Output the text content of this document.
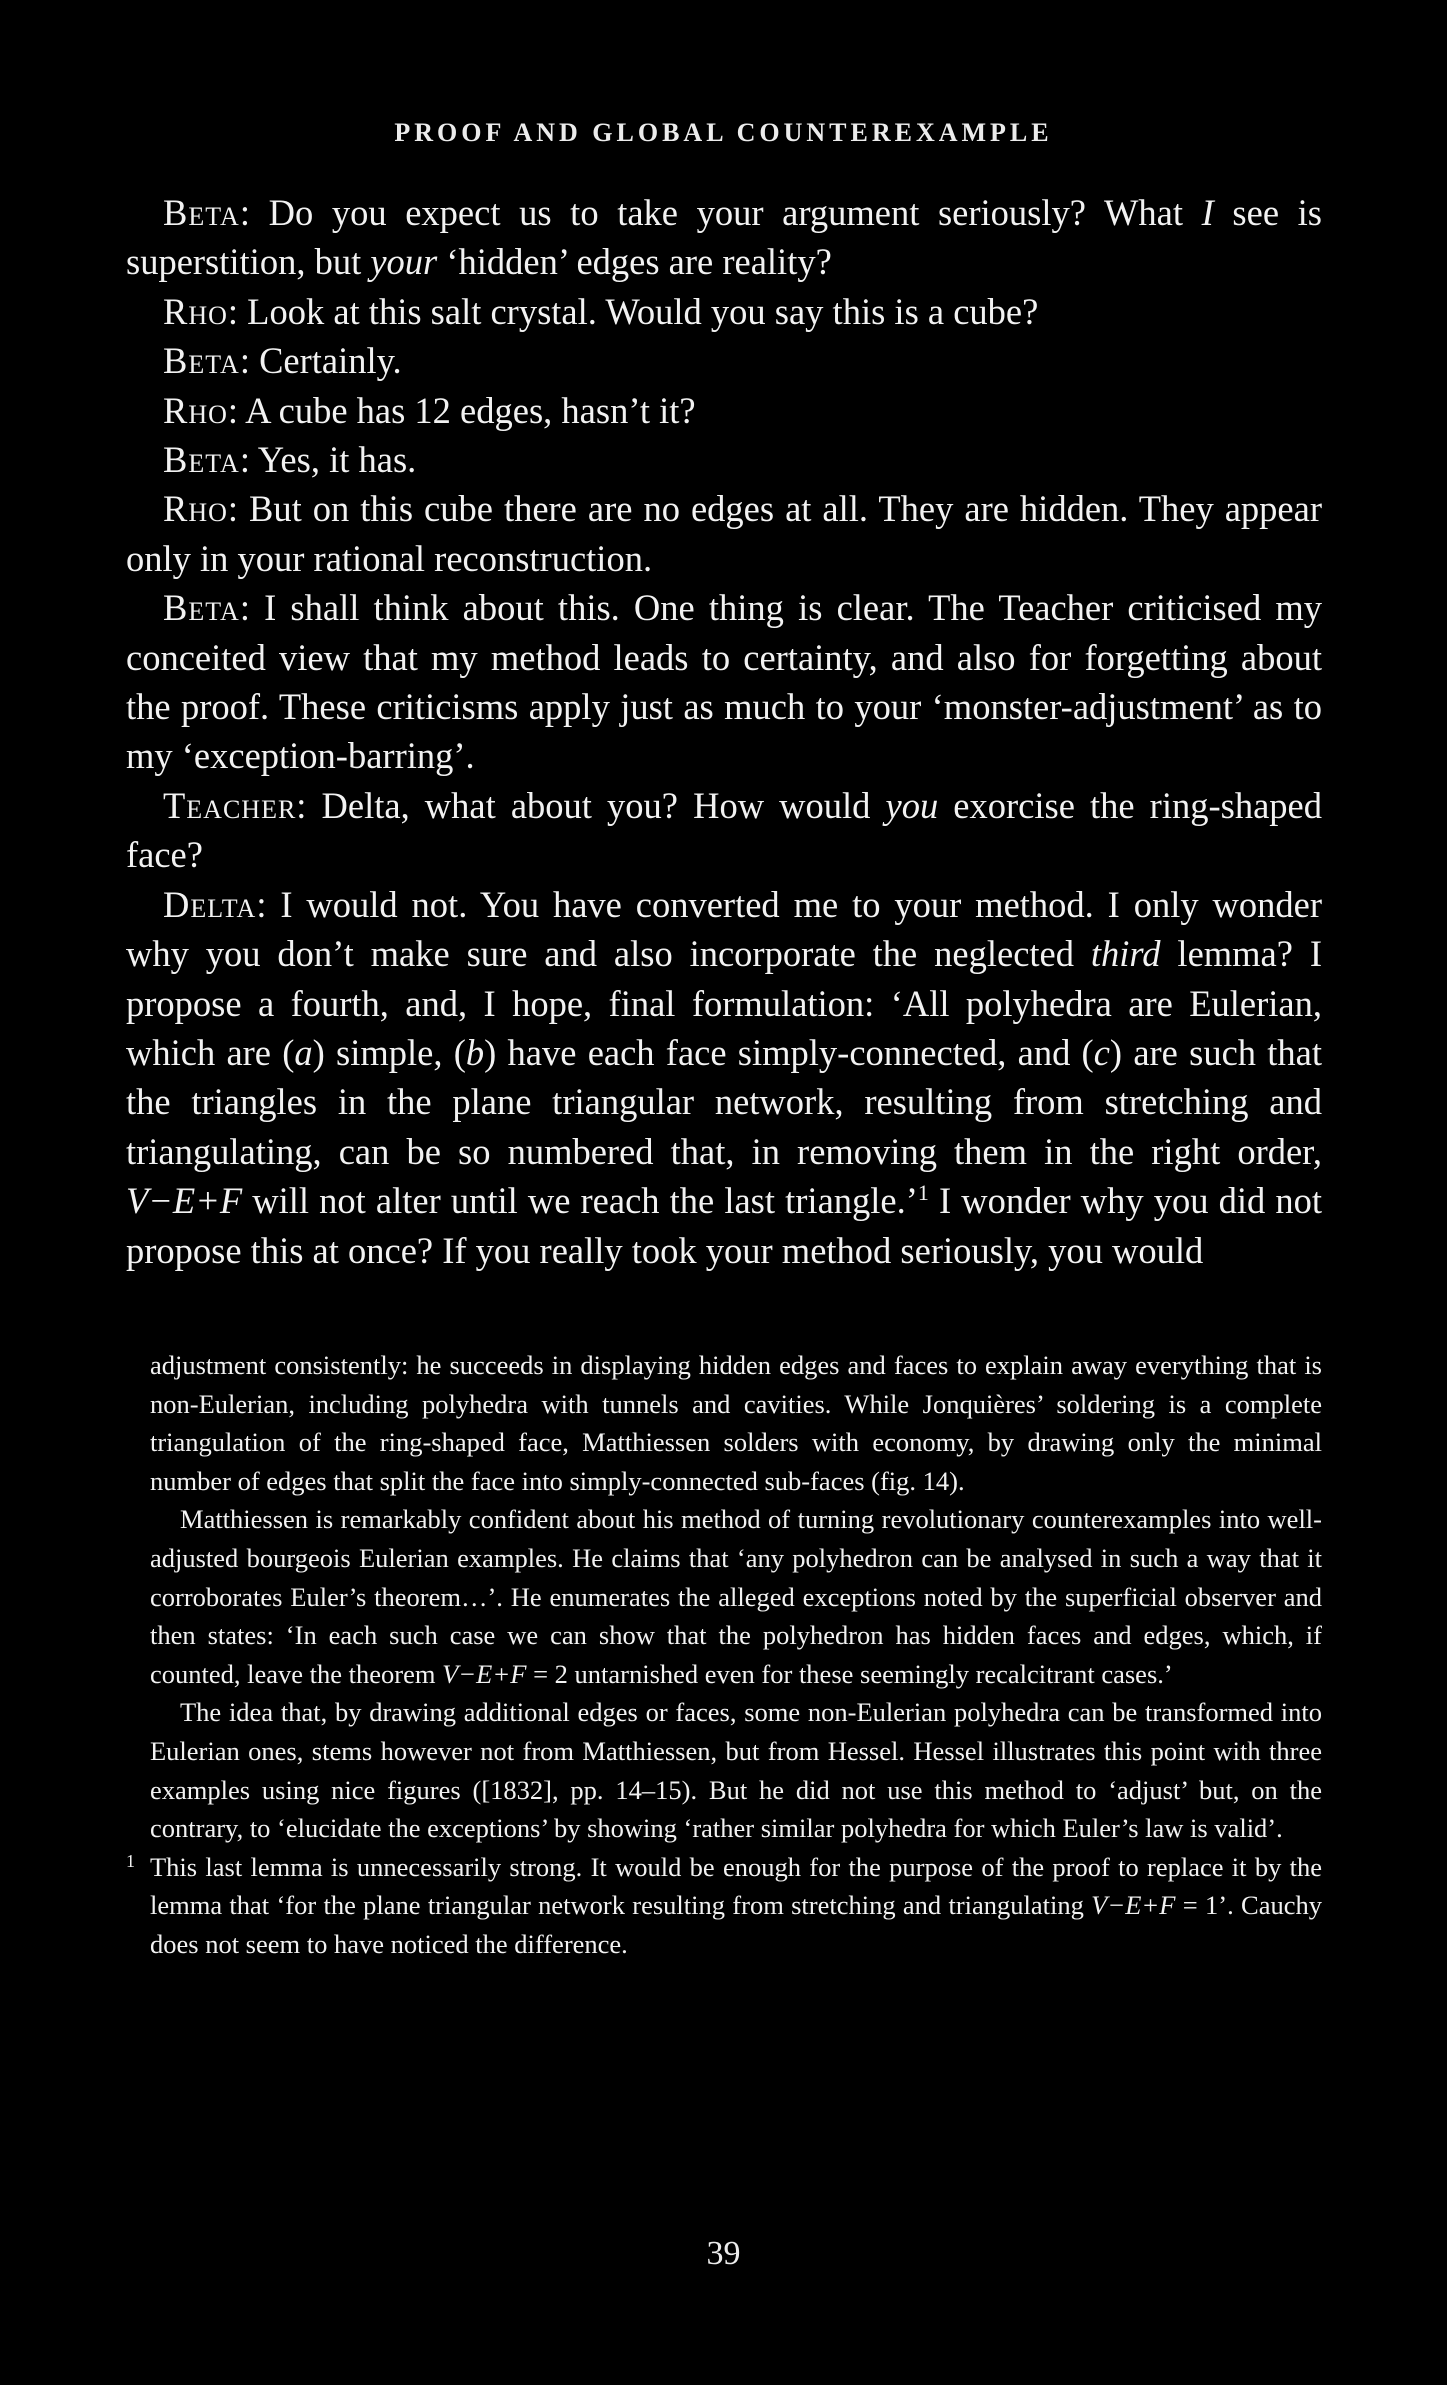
PROOF AND GLOBAL COUNTEREXAMPLE

Beta: Do you expect us to take your argument seriously? What I see is superstition, but your ‘hidden’ edges are reality?

Rho: Look at this salt crystal. Would you say this is a cube?

Beta: Certainly.

Rho: A cube has 12 edges, hasn’t it?

Beta: Yes, it has.

Rho: But on this cube there are no edges at all. They are hidden. They appear only in your rational reconstruction.

Beta: I shall think about this. One thing is clear. The Teacher criticised my conceited view that my method leads to certainty, and also for forgetting about the proof. These criticisms apply just as much to your ‘monster-adjustment’ as to my ‘exception-barring’.

Teacher: Delta, what about you? How would you exorcise the ring-shaped face?

Delta: I would not. You have converted me to your method. I only wonder why you don’t make sure and also incorporate the neglected third lemma? I propose a fourth, and, I hope, final formulation: ‘All polyhedra are Eulerian, which are (a) simple, (b) have each face simply-connected, and (c) are such that the triangles in the plane triangular network, resulting from stretching and triangulating, can be so numbered that, in removing them in the right order, V−E+F will not alter until we reach the last triangle.’$^1$ I wonder why you did not propose this at once? If you really took your method seriously, you would

adjustment consistently: he succeeds in displaying hidden edges and faces to explain away everything that is non-Eulerian, including polyhedra with tunnels and cavities. While Jonquières’ soldering is a complete triangulation of the ring-shaped face, Matthiessen solders with economy, by drawing only the minimal number of edges that split the face into simply-connected sub-faces (fig. 14).

Matthiessen is remarkably confident about his method of turning revolutionary counterexamples into well-adjusted bourgeois Eulerian examples. He claims that ‘any polyhedron can be analysed in such a way that it corroborates Euler’s theorem…’. He enumerates the alleged exceptions noted by the superficial observer and then states: ‘In each such case we can show that the polyhedron has hidden faces and edges, which, if counted, leave the theorem V−E+F = 2 untarnished even for these seemingly recalcitrant cases.’

The idea that, by drawing additional edges or faces, some non-Eulerian polyhedra can be transformed into Eulerian ones, stems however not from Matthiessen, but from Hessel. Hessel illustrates this point with three examples using nice figures ([1832], pp. 14–15). But he did not use this method to ‘adjust’ but, on the contrary, to ‘elucidate the exceptions’ by showing ‘rather similar polyhedra for which Euler’s law is valid’.

1 This last lemma is unnecessarily strong. It would be enough for the purpose of the proof to replace it by the lemma that ‘for the plane triangular network resulting from stretching and triangulating V−E+F = 1’. Cauchy does not seem to have noticed the difference.

39
